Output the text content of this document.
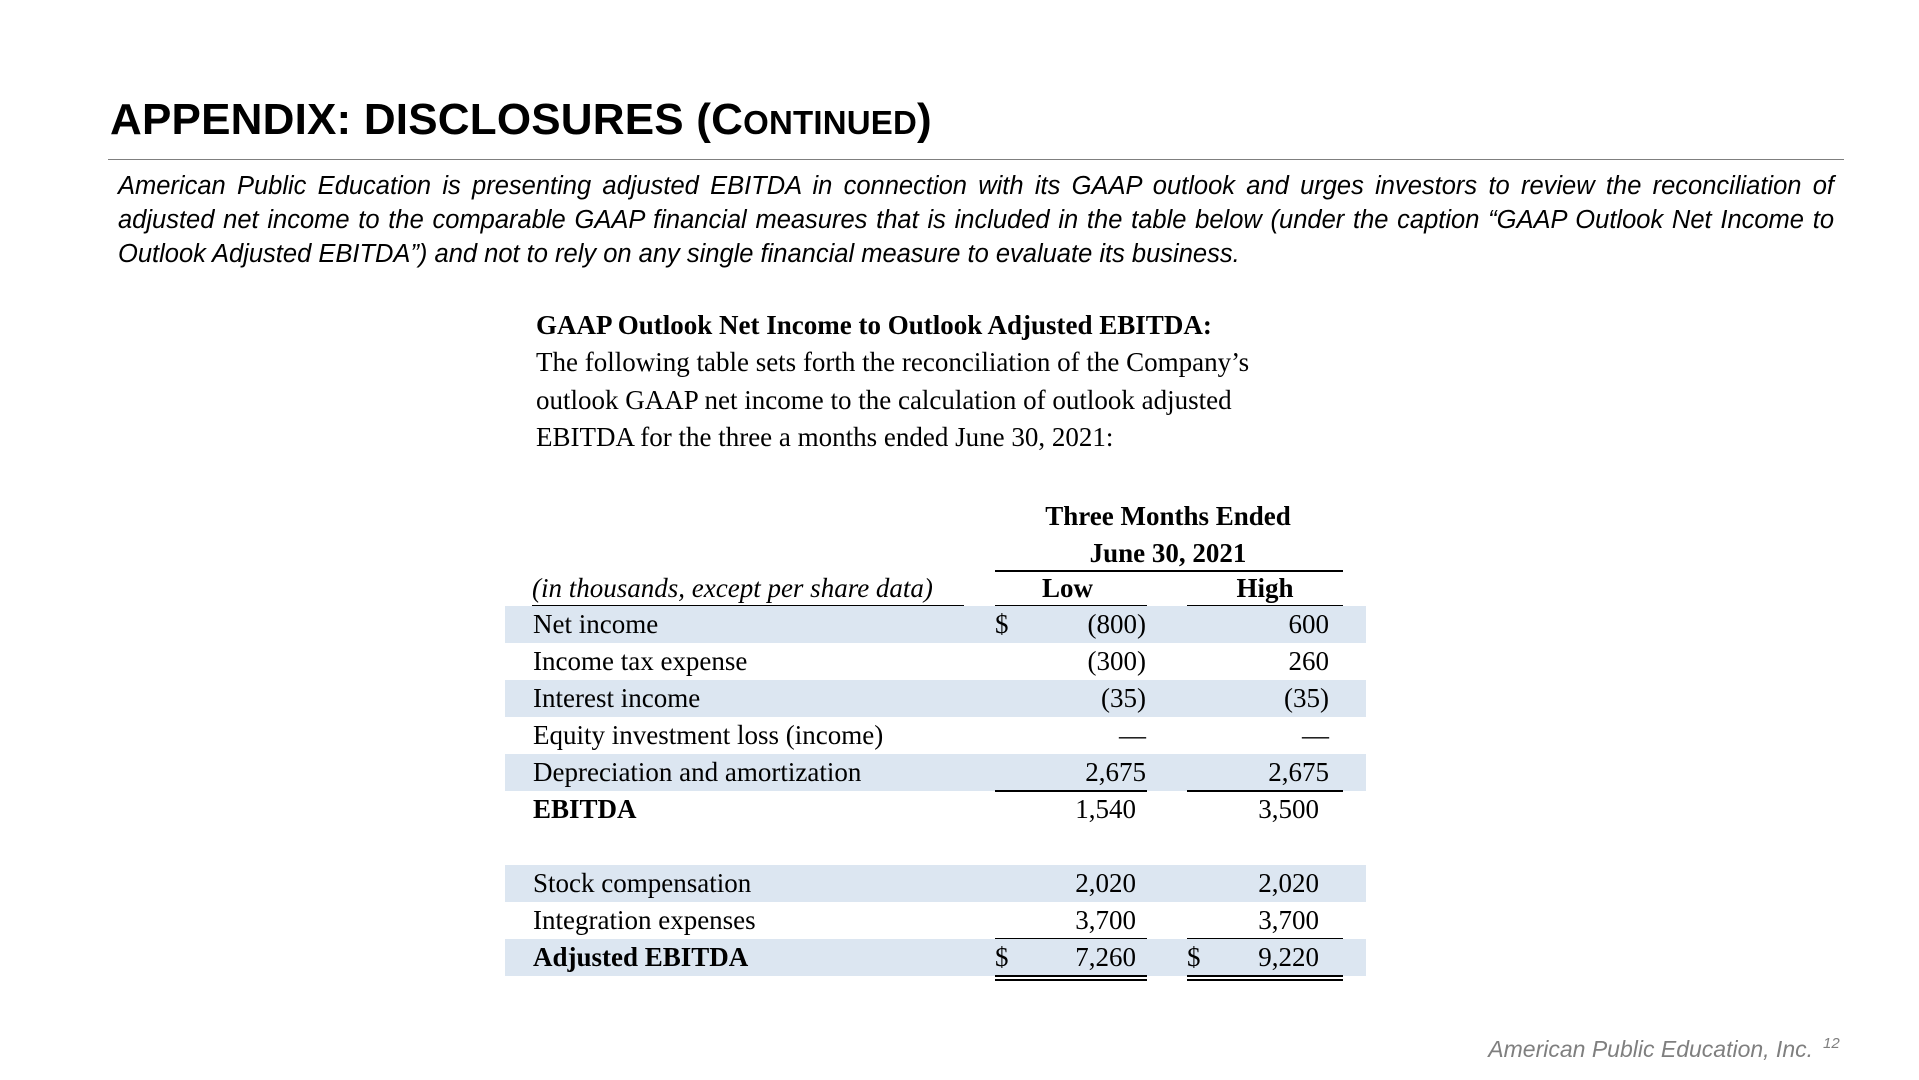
APPENDIX: DISCLOSURES (CONTINUED)

American Public Education is presenting adjusted EBITDA in connection with its GAAP outlook and urges investors to review the reconciliation of adjusted net income to the comparable GAAP financial measures that is included in the table below (under the caption “GAAP Outlook Net Income to Outlook Adjusted EBITDA”) and not to rely on any single financial measure to evaluate its business.

GAAP Outlook Net Income to Outlook Adjusted EBITDA:

The following table sets forth the reconciliation of the Company’s
outlook GAAP net income to the calculation of outlook adjusted
EBITDA for the three a months ended June 30, 2021:

Three Months Ended
June 30, 2021
(in thousands, except per share data)	Low	High
Net income	$	(800)	600
Income tax expense	(300)	260
Interest income	(35)	(35)
Equity investment loss (income)	—	—
Depreciation and amortization	2,675	2,675
EBITDA	1,540	3,500
Stock compensation	2,020	2,020
Integration expenses	3,700	3,700
Adjusted EBITDA	$ 7,260 $ 9,220

American Public Education, Inc. 12
